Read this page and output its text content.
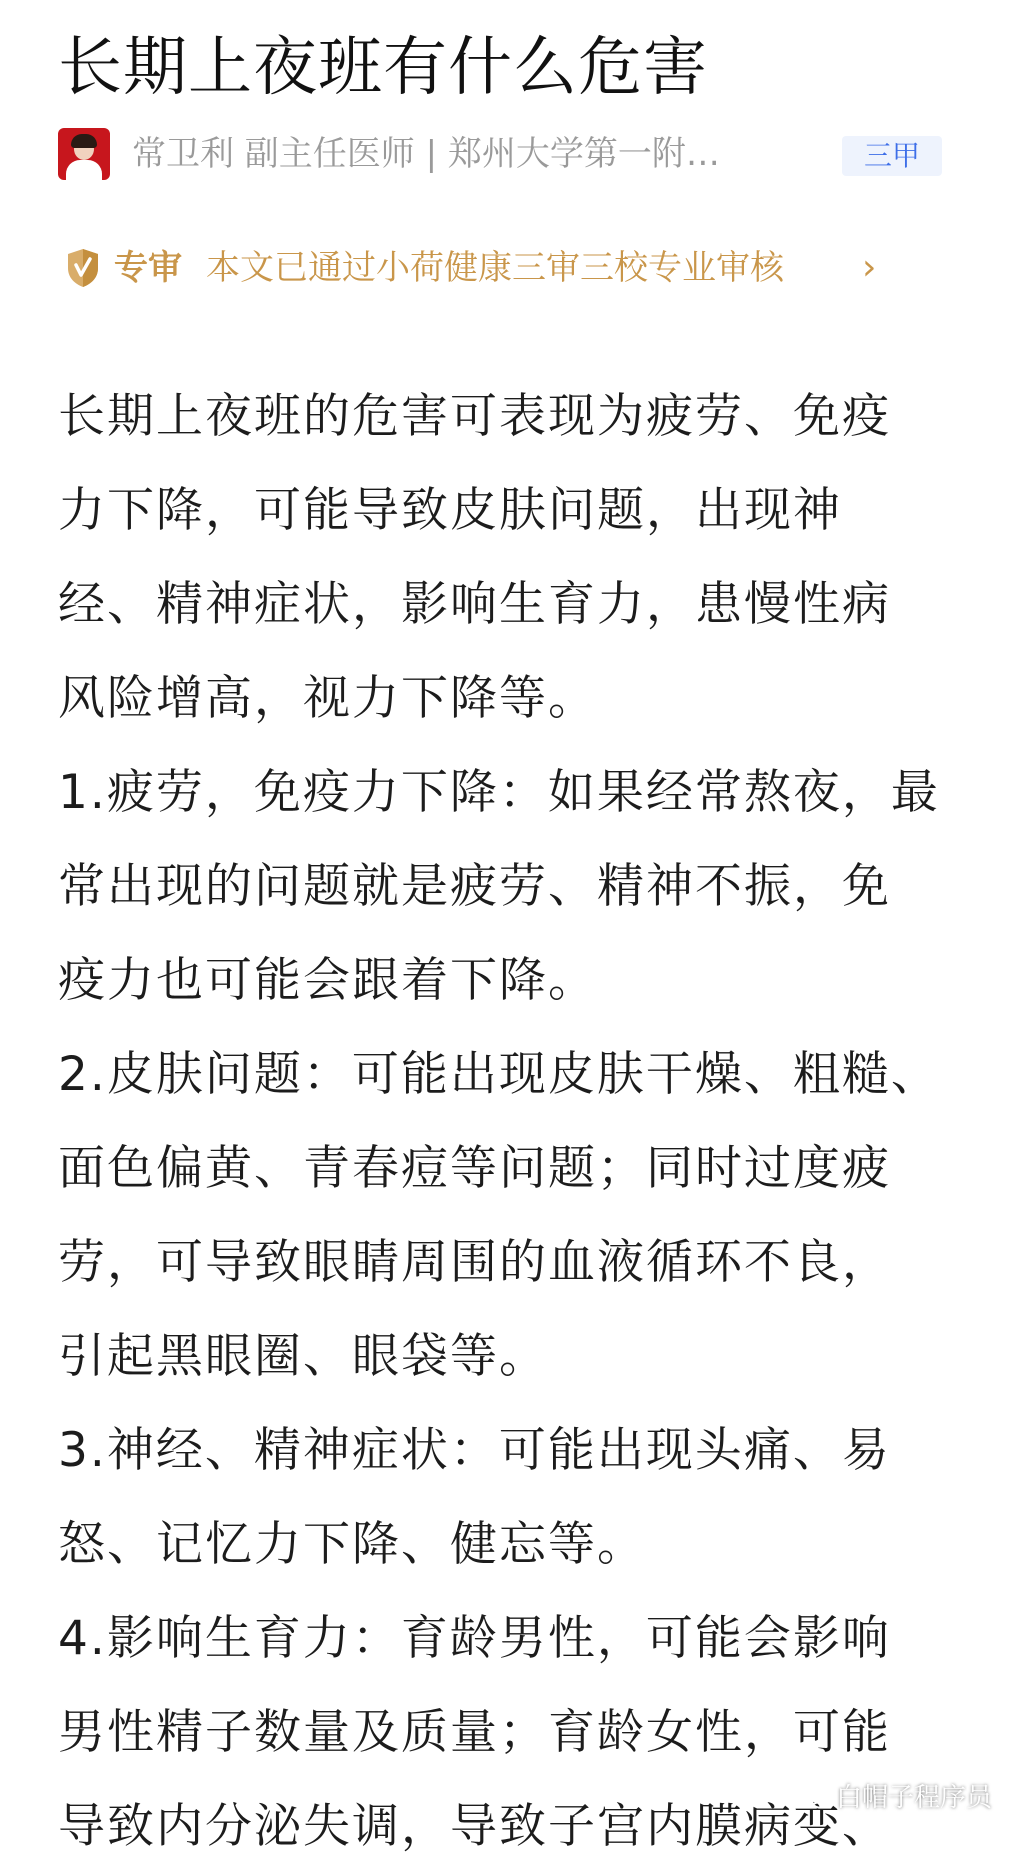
长期上夜班有什么危害
常卫利 副主任医师 | 郑州大学第一附…	三甲
专审 本文已通过小荷健康三审三校专业审核 ›

长期上夜班的危害可表现为疲劳、免疫
力下降，可能导致皮肤问题，出现神
经、精神症状，影响生育力，患慢性病
风险增高，视力下降等。
1.疲劳，免疫力下降：如果经常熬夜，最
常出现的问题就是疲劳、精神不振，免
疫力也可能会跟着下降。
2.皮肤问题：可能出现皮肤干燥、粗糙、
面色偏黄、青春痘等问题；同时过度疲
劳，可导致眼睛周围的血液循环不良，
引起黑眼圈、眼袋等。
3.神经、精神症状：可能出现头痛、易
怒、记忆力下降、健忘等。
4.影响生育力：育龄男性，可能会影响
男性精子数量及质量；育龄女性，可能
导致内分泌失调，导致子宫内膜病变、

白帽子程序员
